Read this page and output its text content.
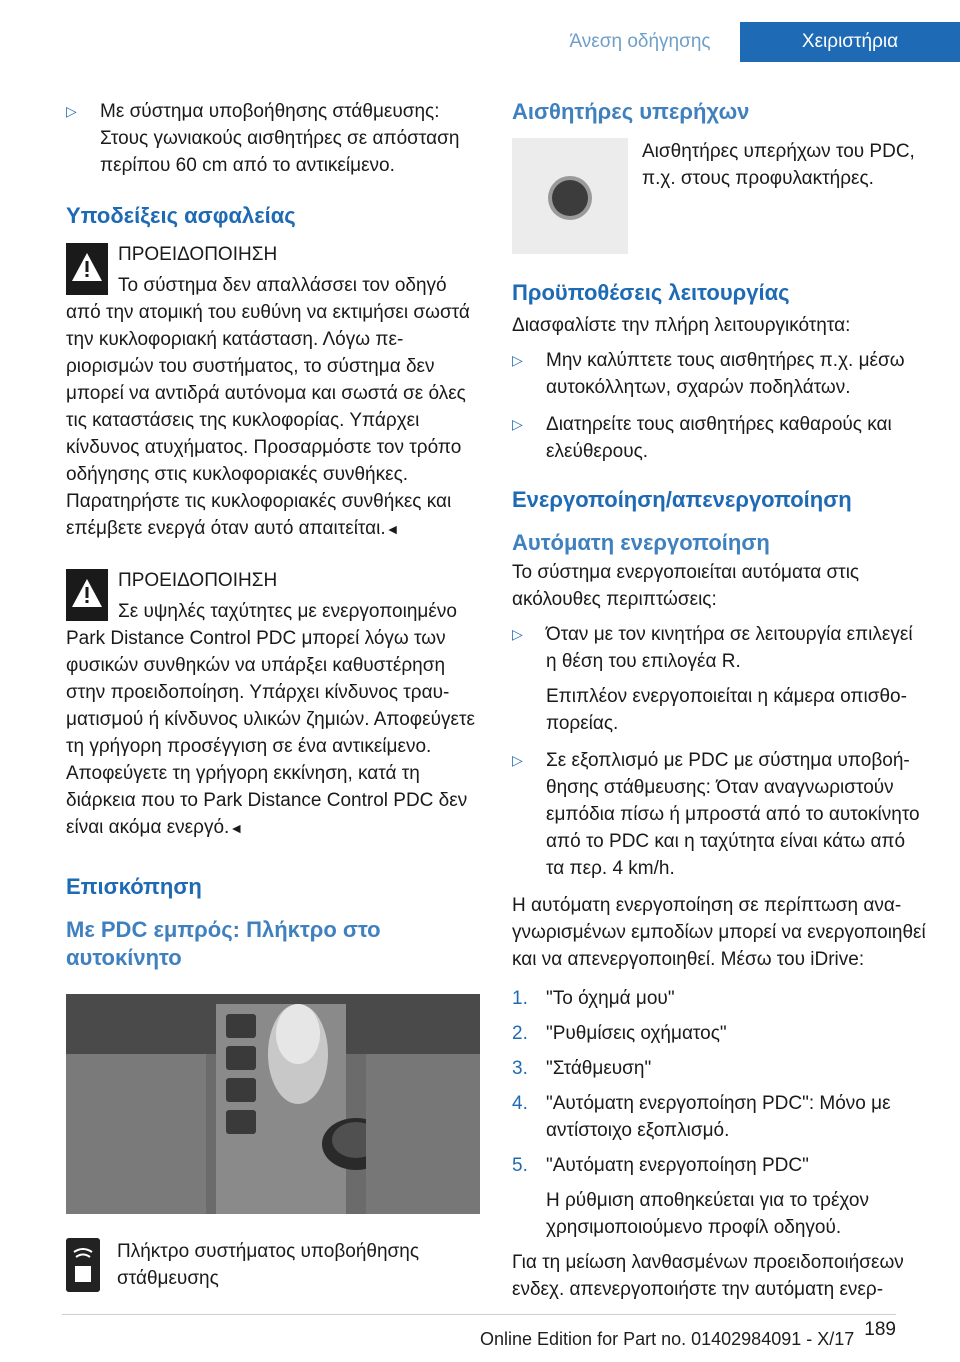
Άνεση οδήγησης	Χειριστήρια
▷ Με σύστημα υποβοήθησης στάθμευσης: Στους γωνιακούς αισθητήρες σε απόσταση περίπου 60 cm από το αντικείμενο.
Υποδείξεις ασφαλείας
ΠΡΟΕΙΔΟΠΟΙΗΣΗ
Το σύστημα δεν απαλλάσσει τον οδηγό από την ατομική του ευθύνη να εκτιμήσει σωστά την κυκλοφοριακή κατάσταση. Λόγω περιορισμών του συστήματος, το σύστημα δεν μπορεί να αντιδρά αυτόνομα και σωστά σε όλες τις καταστάσεις της κυκλοφορίας. Υπάρχει κίνδυνος ατυχήματος. Προσαρμόστε τον τρόπο οδήγησης στις κυκλοφοριακές συνθήκες. Παρατηρήστε τις κυκλοφοριακές συνθήκες και επέμβετε ενεργά όταν αυτό απαιτείται.◄
ΠΡΟΕΙΔΟΠΟΙΗΣΗ
Σε υψηλές ταχύτητες με ενεργοποιημένο Park Distance Control PDC μπορεί λόγω των φυσικών συνθηκών να υπάρξει καθυστέρηση στην προειδοποίηση. Υπάρχει κίνδυνος τραυματισμού ή κίνδυνος υλικών ζημιών. Αποφεύγετε τη γρήγορη προσέγγιση σε ένα αντικείμενο. Αποφεύγετε τη γρήγορη εκκίνηση, κατά τη διάρκεια που το Park Distance Control PDC δεν είναι ακόμα ενεργό.◄
Επισκόπηση
Με PDC εμπρός: Πλήκτρο στο αυτοκίνητο
Πλήκτρο συστήματος υποβοήθησης στάθμευσης
Αισθητήρες υπερήχων
Αισθητήρες υπερήχων του PDC, π.χ. στους προφυλακτήρες.
Προϋποθέσεις λειτουργίας

Διασφαλίστε την πλήρη λειτουργικότητα:

▷ Μην καλύπτετε τους αισθητήρες π.χ. μέσω αυτοκόλλητων, σχαρών ποδηλάτων.
▷ Διατηρείτε τους αισθητήρες καθαρούς και ελεύθερους.
Ενεργοποίηση/απενεργοποίηση
Αυτόματη ενεργοποίηση

Το σύστημα ενεργοποιείται αυτόματα στις ακόλουθες περιπτώσεις:

▷ Όταν με τον κινητήρα σε λειτουργία επιλεγεί η θέση του επιλογέα R.
Επιπλέον ενεργοποιείται η κάμερα οπισθοπορείας.
▷ Σε εξοπλισμό με PDC με σύστημα υποβοήθησης στάθμευσης: Όταν αναγνωριστούν εμπόδια πίσω ή μπροστά από το αυτοκίνητο από το PDC και η ταχύτητα είναι κάτω από τα περ. 4 km/h.

Η αυτόματη ενεργοποίηση σε περίπτωση αναγνωρισμένων εμποδίων μπορεί να ενεργοποιηθεί και να απενεργοποιηθεί. Μέσω του iDrive:

1. "Το όχημά μου"
2. "Ρυθμίσεις οχήματος"
3. "Στάθμευση"
4. "Αυτόματη ενεργοποίηση PDC": Μόνο με αντίστοιχο εξοπλισμό.
5. "Αυτόματη ενεργοποίηση PDC"
Η ρύθμιση αποθηκεύεται για το τρέχον χρησιμοποιούμενο προφίλ οδηγού.

Για τη μείωση λανθασμένων προειδοποιήσεων ενδεχ. απενεργοποιήστε την αυτόματη ενερ-

189
Online Edition for Part no. 01402984091 - X/17
